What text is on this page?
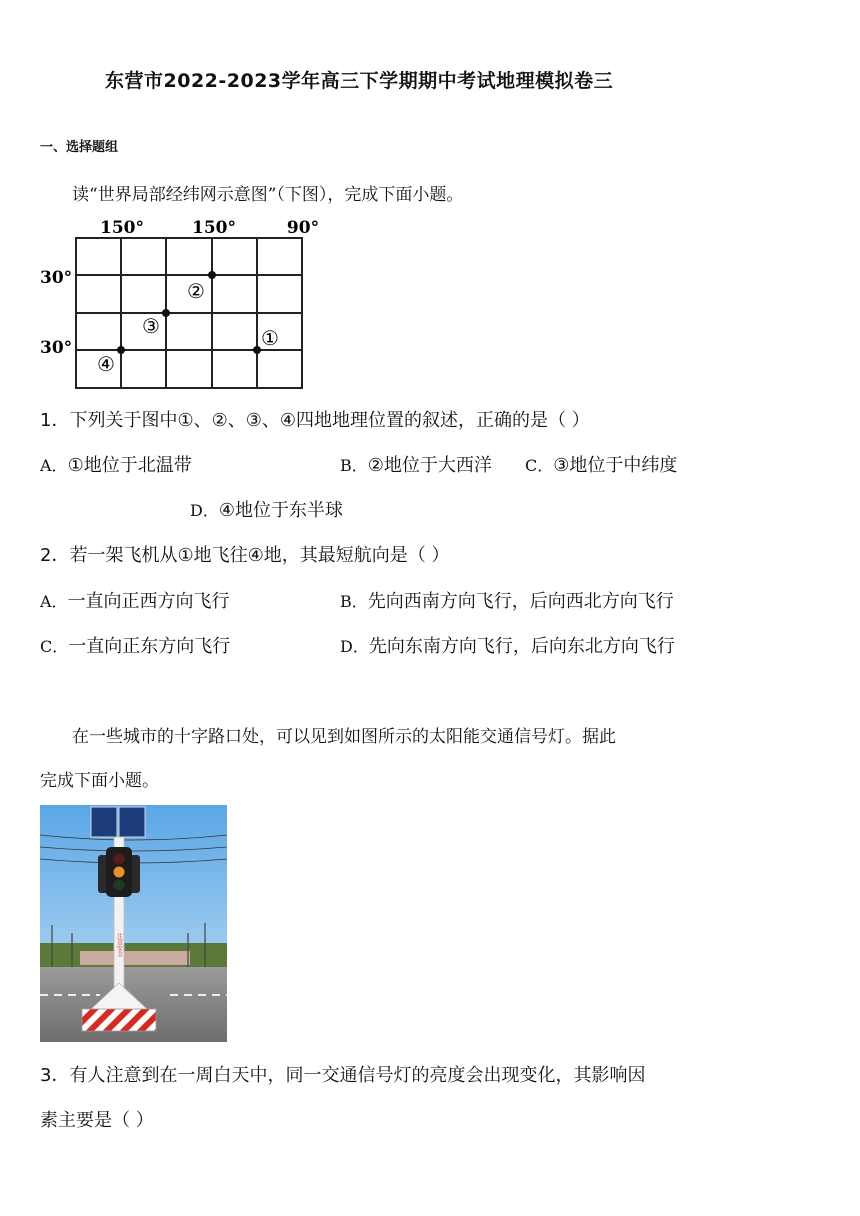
东营市2022-2023学年高三下学期期中考试地理模拟卷三
一、选择题组
读“世界局部经纬网示意图”（下图），完成下面小题。
150°	150°	90°
30°
30°
②
③	①
④
1．下列关于图中①、②、③、④四地地理位置的叙述，正确的是（ ）
A．①地位于北温带	B．②地位于大西洋 C．③地位于中纬度
D．④地位于东半球
2．若一架飞机从①地飞往④地，其最短航向是（ ）
A．一直向正西方向飞行	B．先向西南方向飞行，后向西北方向飞行
C．一直向正东方向飞行	D．先向东南方向飞行，后向东北方向飞行
在一些城市的十字路口处，可以见到如图所示的太阳能交通信号灯。据此
完成下面小题。
注意安全
3．有人注意到在一周白天中，同一交通信号灯的亮度会出现变化，其影响因
素主要是（ ）
